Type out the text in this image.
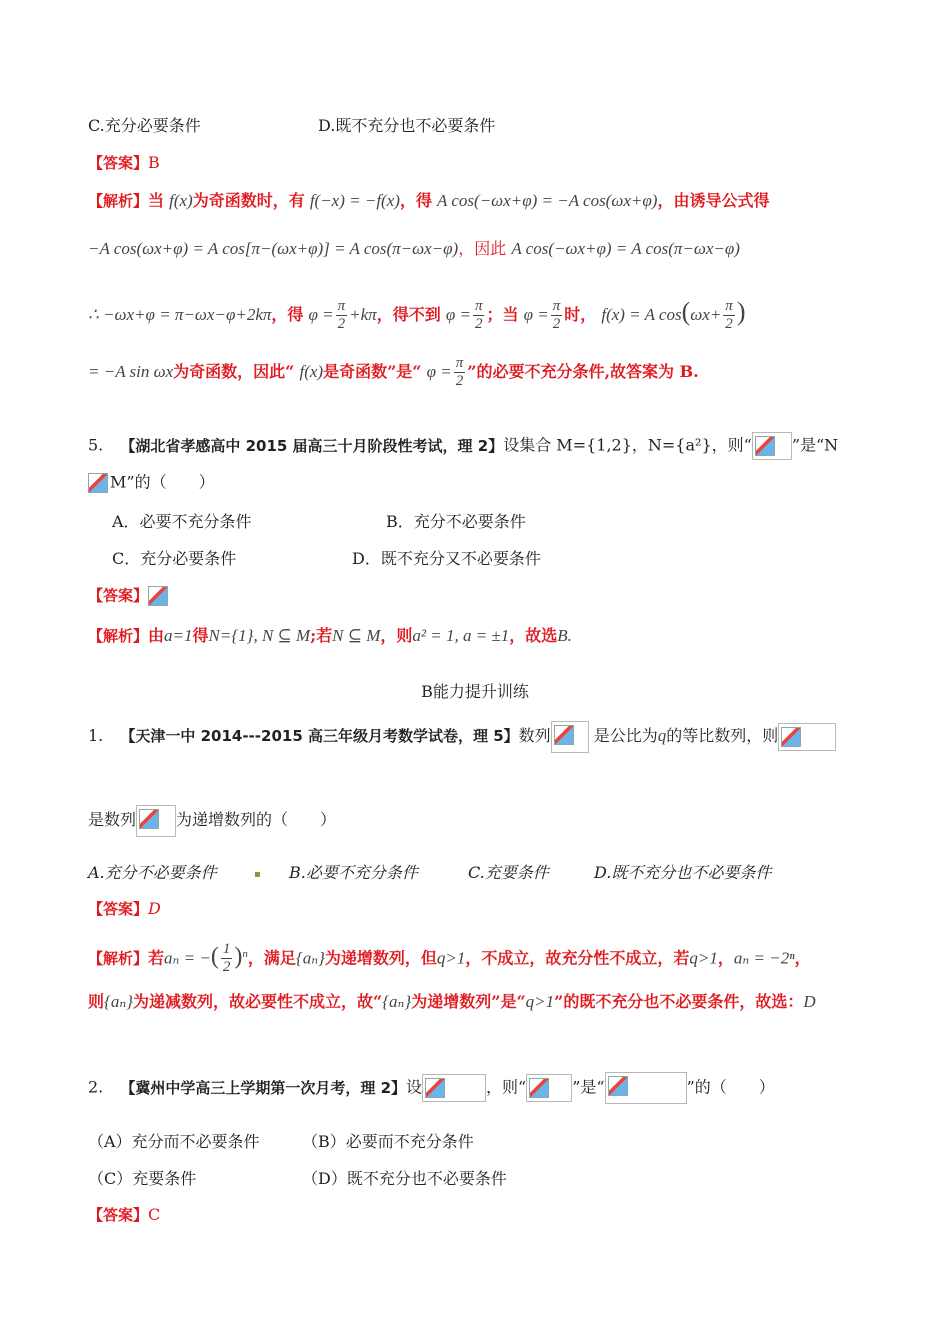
C.充分必要条件	D.既不充分也不必要条件
【答案】B
【解析】当 f(x)为奇函数时，有 f(−x) = −f(x)，得 A cos(−ωx+φ) = −A cos(ωx+φ)，由诱导公式得
−A cos(ωx+φ) = A cos[π−(ωx+φ)] = A cos(π−ωx−φ)，因此 A cos(−ωx+φ) = A cos(π−ωx−φ)
∴ −ωx+φ = π−ωx−φ+2kπ，得 $\varphi = \frac{\pi}{2} +k\pi$，得不到 $\varphi = \frac{\pi}{2}$ ；当 $\varphi = \frac{\pi}{2}$ 时， f(x) = A $\cos(\omega x+ \frac{\pi}{2}$ )
= −A sin ωx为奇函数，因此“ f(x)是奇函数”是“ $\varphi = \frac{\pi}{2}$ ”的必要不充分条件,故答案为 B.
5. 【湖北省孝感高中 2015 届高三十月阶段性考试，理 2】设集合 M={1,2}，N={a²}，则“	”是“N
M”的（　　）
A．必要不充分条件	B．充分不必要条件
C．充分必要条件	D．既不充分又不必要条件
【答案】
【解析】由a=1得N={1}, N ⊆ M;若N ⊆ M，则a² = 1, a = ±1，故选B.
B能力提升训练
1. 【天津一中 2014---2015 高三年级月考数学试卷，理 5】数列	是公比为q的等比数列，则
是数列	为递增数列的（　　）
A.充分不必要条件	▪ B.必要不充分条件	C.充要条件	D.既不充分也不必要条件
【答案】D
【解析】若aₙ = −( $\frac{1}{2} )^n$，满足{aₙ}为递增数列，但q>1，不成立，故充分性不成立，若q>1，aₙ = −2ⁿ，
则{aₙ}为递减数列，故必要性不成立，故“{aₙ}为递增数列”是“q>1”的既不充分也不必要条件，故选：D
2. 【冀州中学高三上学期第一次月考，理 2】设	，则“	”是“	”的（　　）
（A）充分而不必要条件	（B）必要而不充分条件
（C）充要条件	（D）既不充分也不必要条件
【答案】C
